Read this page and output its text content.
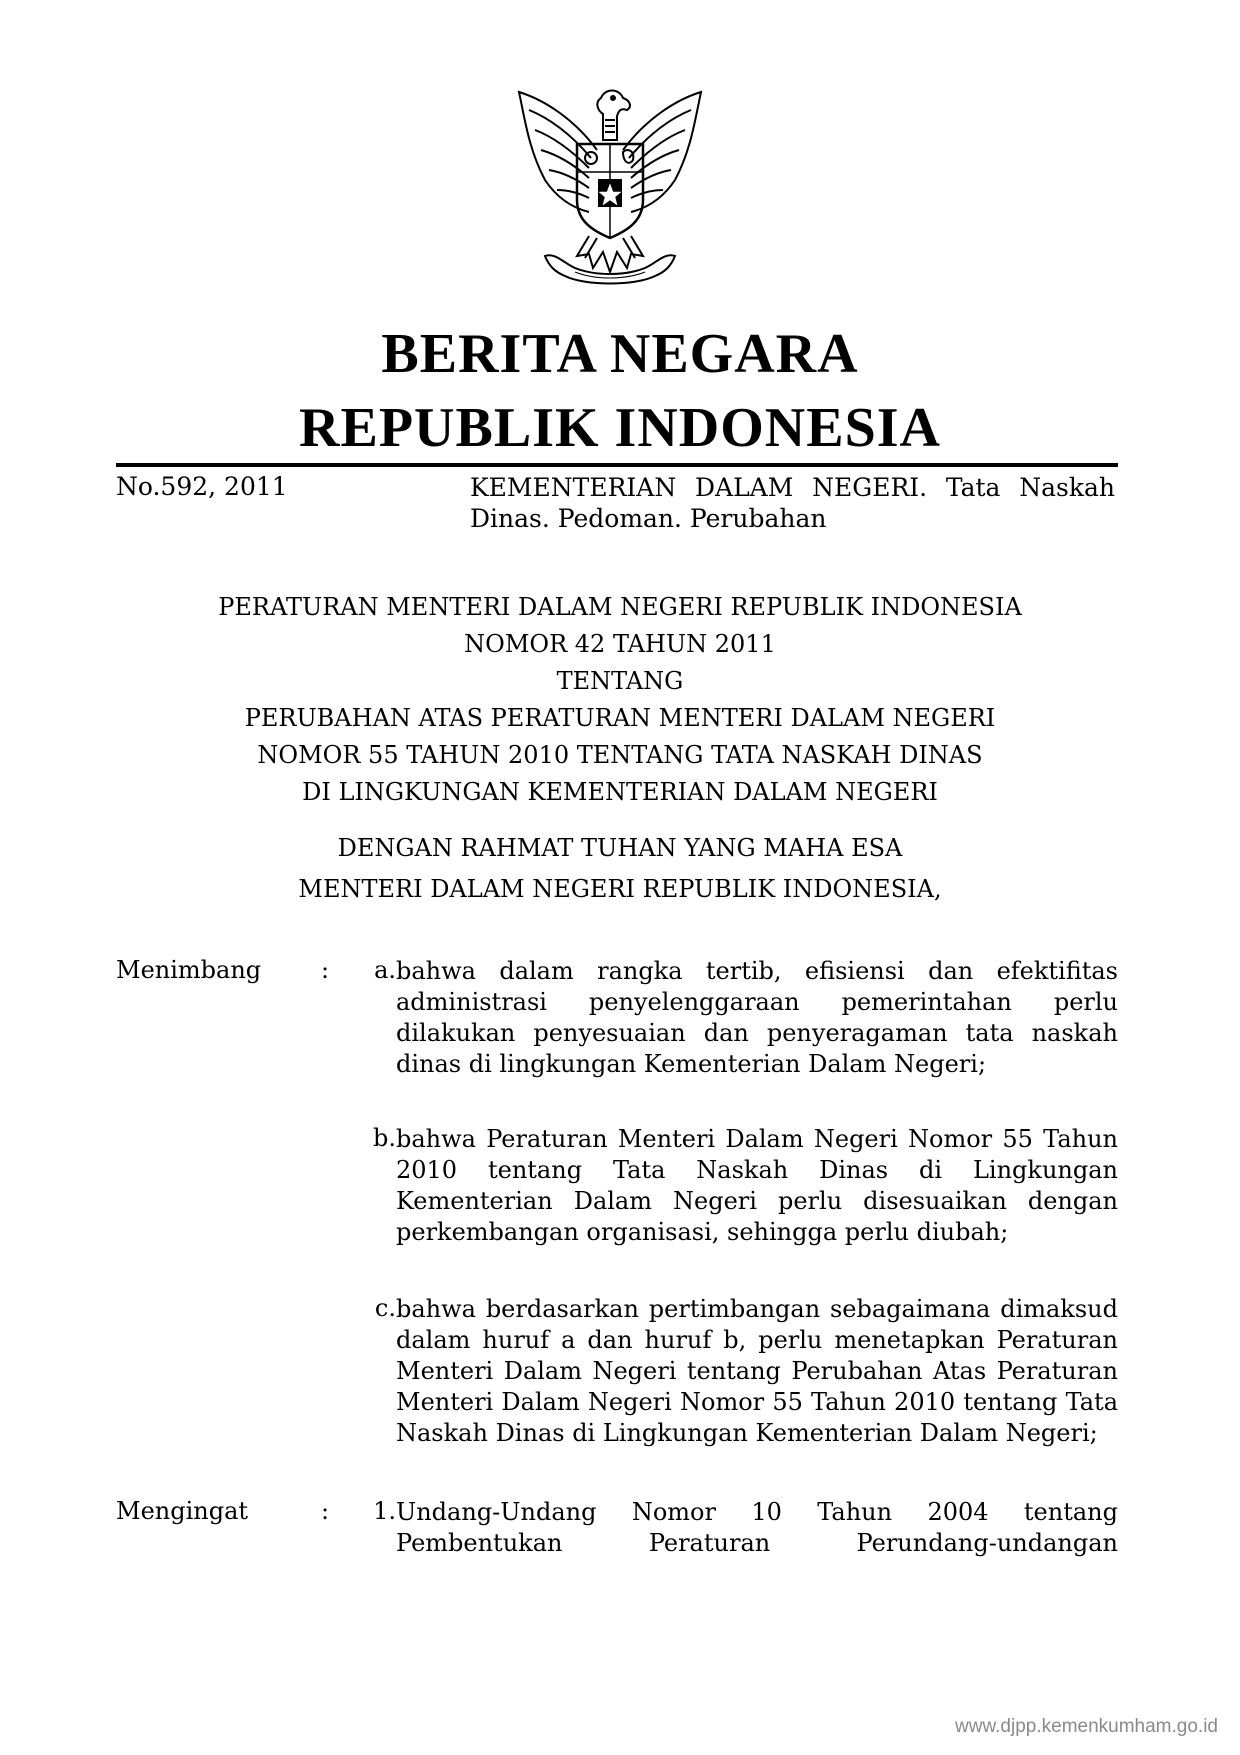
BERITA NEGARA
REPUBLIK INDONESIA
No.592, 2011	KEMENTERIAN DALAM NEGERI. Tata Naskah Dinas. Pedoman. Perubahan
PERATURAN MENTERI DALAM NEGERI REPUBLIK INDONESIA
NOMOR 42 TAHUN 2011
TENTANG
PERUBAHAN ATAS PERATURAN MENTERI DALAM NEGERI
NOMOR 55 TAHUN 2010 TENTANG TATA NASKAH DINAS
DI LINGKUNGAN KEMENTERIAN DALAM NEGERI
DENGAN RAHMAT TUHAN YANG MAHA ESA
MENTERI DALAM NEGERI REPUBLIK INDONESIA,
Menimbang :	a. bahwa dalam rangka tertib, efisiensi dan efektifitas administrasi penyelenggaraan pemerintahan perlu dilakukan penyesuaian dan penyeragaman tata naskah dinas di lingkungan Kementerian Dalam Negeri;
b. bahwa Peraturan Menteri Dalam Negeri Nomor 55 Tahun 2010 tentang Tata Naskah Dinas di Lingkungan Kementerian Dalam Negeri perlu disesuaikan dengan perkembangan organisasi, sehingga perlu diubah;
c. bahwa berdasarkan pertimbangan sebagaimana dimaksud dalam huruf a dan huruf b, perlu menetapkan Peraturan Menteri Dalam Negeri tentang Perubahan Atas Peraturan Menteri Dalam Negeri Nomor 55 Tahun 2010 tentang Tata Naskah Dinas di Lingkungan Kementerian Dalam Negeri;
Mengingat	:	1. Undang-Undang Nomor 10 Tahun 2004 tentang Pembentukan Peraturan Perundang-undangan
www.djpp.kemenkumham.go.id
